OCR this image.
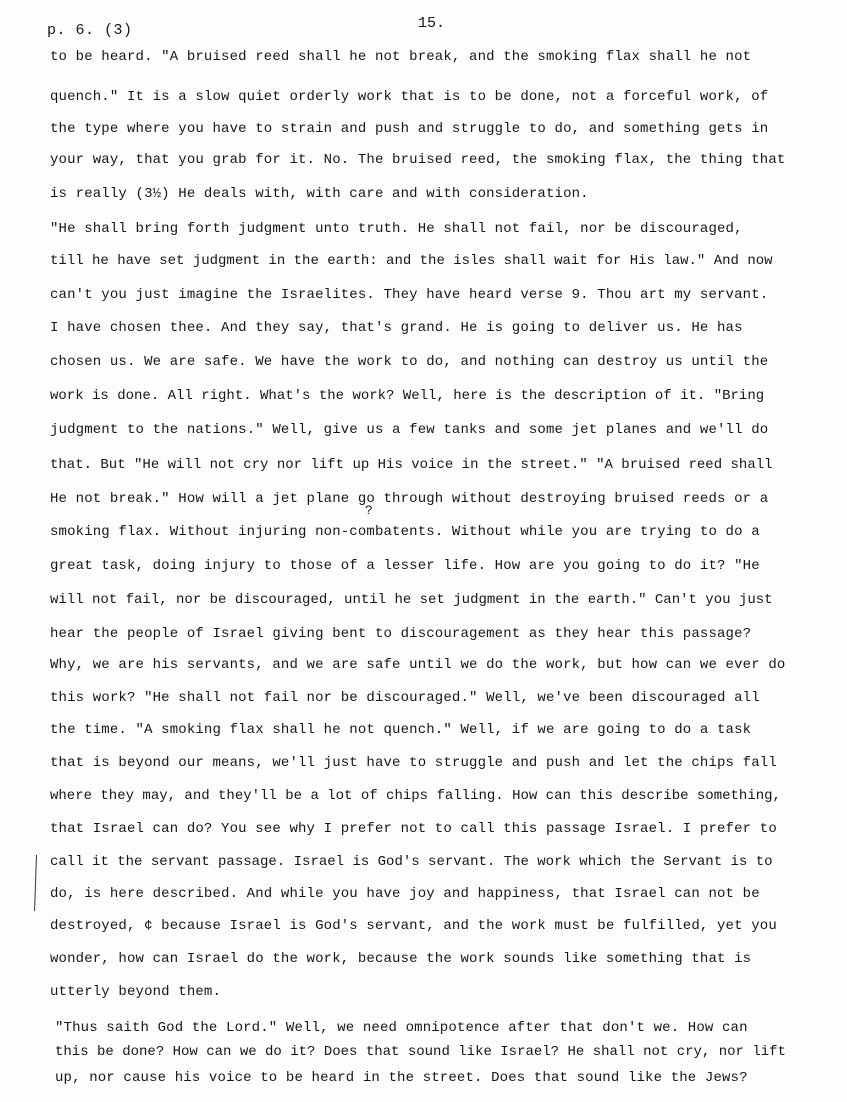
p. 6. (3)	15.
to be heard. "A bruised reed shall he not break, and the smoking flax shall he not
quench." It is a slow quiet orderly work that is to be done, not a forceful work, of
the type where you have to strain and push and struggle to do, and something gets in
your way, that you grab for it. No. The bruised reed, the smoking flax, the thing that
is really (3½) He deals with, with care and with consideration.
"He shall bring forth judgment unto truth. He shall not fail, nor be discouraged,
till he have set judgment in the earth: and the isles shall wait for His law." And now
can't you just imagine the Israelites. They have heard verse 9. Thou art my servant.
I have chosen thee. And they say, that's grand. He is going to deliver us. He has
chosen us. We are safe. We have the work to do, and nothing can destroy us until the
work is done. All right. What's the work? Well, here is the description of it. "Bring
judgment to the nations." Well, give us a few tanks and some jet planes and we'll do
that. But "He will not cry nor lift up His voice in the street." "A bruised reed shall
He not break." How will a jet plane go through without destroying bruised reeds or a
?
smoking flax. Without injuring non-combatents. Without while you are trying to do a
great task, doing injury to those of a lesser life. How are you going to do it? "He
will not fail, nor be discouraged, until he set judgment in the earth." Can't you just
hear the people of Israel giving bent to discouragement as they hear this passage?
Why, we are his servants, and we are safe until we do the work, but how can we ever do
this work? "He shall not fail nor be discouraged." Well, we've been discouraged all
the time. "A smoking flax shall he not quench." Well, if we are going to do a task
that is beyond our means, we'll just have to struggle and push and let the chips fall
where they may, and they'll be a lot of chips falling. How can this describe something,
that Israel can do? You see why I prefer not to call this passage Israel. I prefer to
call it the servant passage. Israel is God's servant. The work which the Servant is to
do, is here described. And while you have joy and happiness, that Israel can not be
destroyed, ¢ because Israel is God's servant, and the work must be fulfilled, yet you
wonder, how can Israel do the work, because the work sounds like something that is
utterly beyond them.
"Thus saith God the Lord." Well, we need omnipotence after that don't we. How can
this be done? How can we do it? Does that sound like Israel? He shall not cry, nor lift
up, nor cause his voice to be heard in the street. Does that sound like the Jews?
